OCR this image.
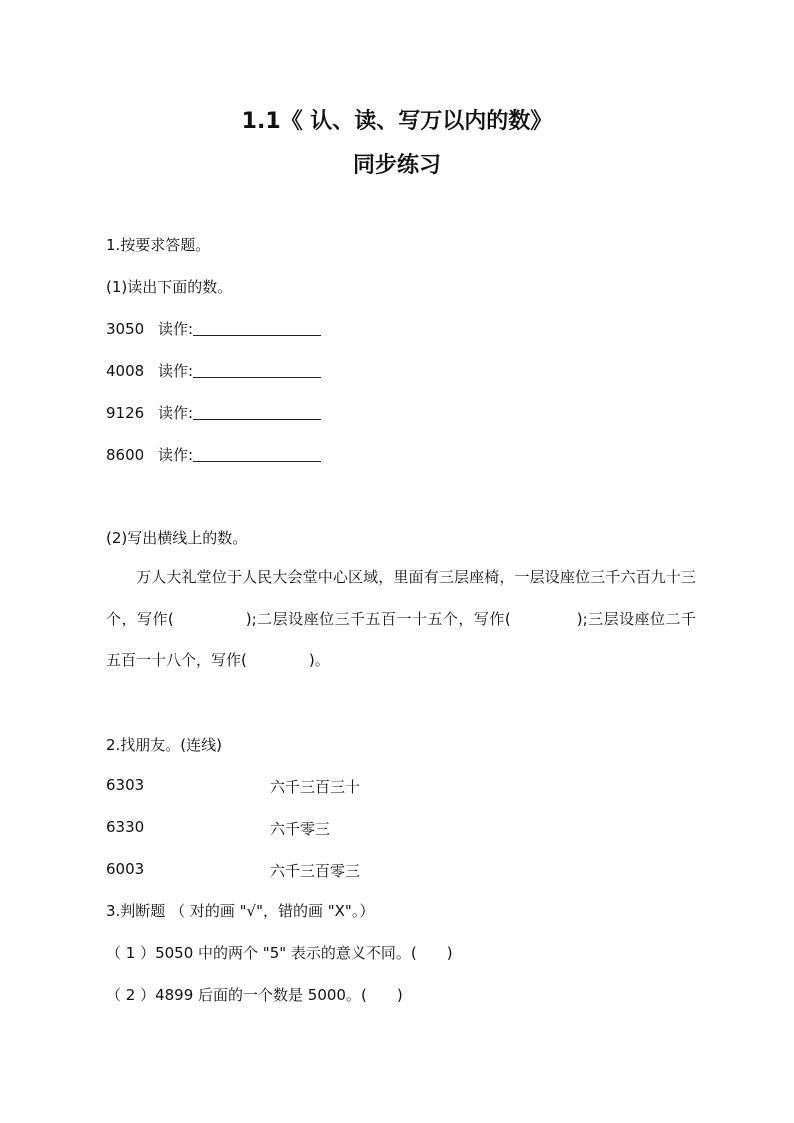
1.1《 认、读、写万以内的数》
同步练习
1.按要求答题。
(1)读出下面的数。
3050 读作:
4008 读作:
9126 读作:
8600 读作:
(2)写出横线上的数。
万人大礼堂位于人民大会堂中心区域，里面有三层座椅，一层设座位三千六百九十三个，写作(	);二层设座位三千五百一十五个，写作(	);三层设座位二千五百一十八个，写作(	)。
2.找朋友。(连线)
6303	六千三百三十
6330	六千零三
6003	六千三百零三
3.判断题 （ 对的画 "√"，错的画 "X"。）
（ 1 ）5050 中的两个 "5" 表示的意义不同。( )
（ 2 ）4899 后面的一个数是 5000。( )
